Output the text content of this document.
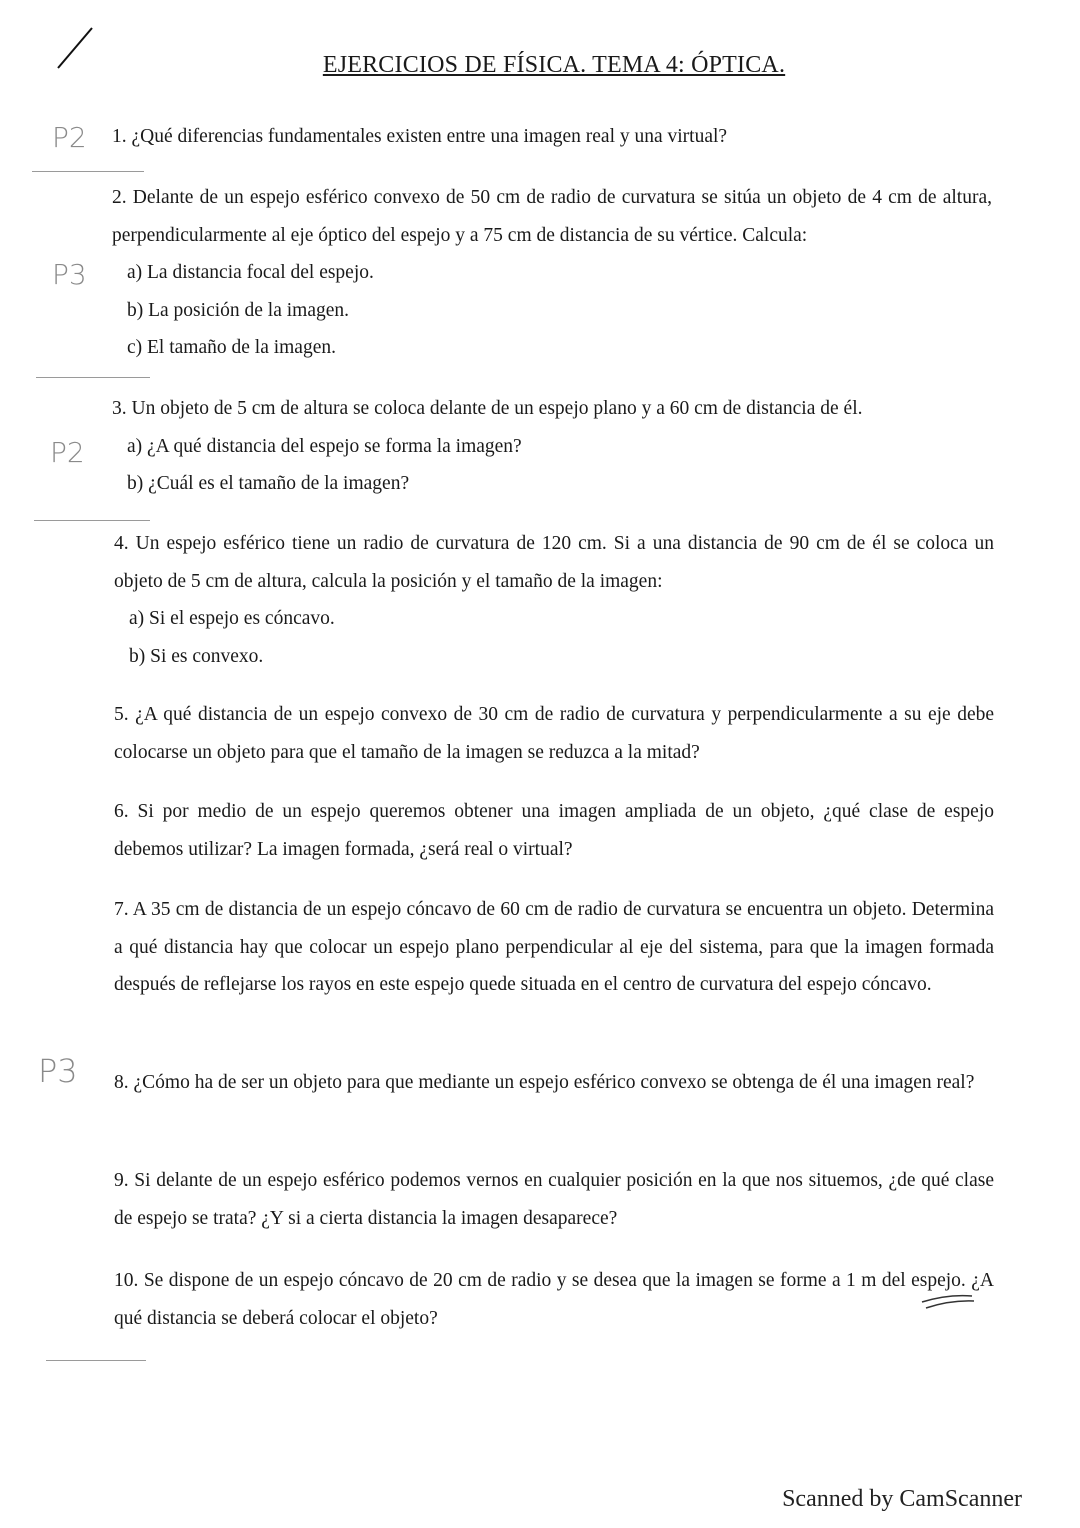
EJERCICIOS DE FÍSICA. TEMA 4: ÓPTICA.
P2
P3
P2
P3

1. ¿Qué diferencias fundamentales existen entre una imagen real y una virtual?

2. Delante de un espejo esférico convexo de 50 cm de radio de curvatura se sitúa un objeto de 4 cm de altura, perpendicularmente al eje óptico del espejo y a 75 cm de distancia de su vértice. Calcula:

a) La distancia focal del espejo.

b) La posición de la imagen.

c) El tamaño de la imagen.

3. Un objeto de 5 cm de altura se coloca delante de un espejo plano y a 60 cm de distancia de él.

a) ¿A qué distancia del espejo se forma la imagen?

b) ¿Cuál es el tamaño de la imagen?

4. Un espejo esférico tiene un radio de curvatura de 120 cm. Si a una distancia de 90 cm de él se coloca un objeto de 5 cm de altura, calcula la posición y el tamaño de la imagen:

a) Si el espejo es cóncavo.

b) Si es convexo.

5. ¿A qué distancia de un espejo convexo de 30 cm de radio de curvatura y perpendicularmente a su eje debe colocarse un objeto para que el tamaño de la imagen se reduzca a la mitad?

6. Si por medio de un espejo queremos obtener una imagen ampliada de un objeto, ¿qué clase de espejo debemos utilizar? La imagen formada, ¿será real o virtual?

7. A 35 cm de distancia de un espejo cóncavo de 60 cm de radio de curvatura se encuentra un objeto. Determina a qué distancia hay que colocar un espejo plano perpendicular al eje del sistema, para que la imagen formada después de reflejarse los rayos en este espejo quede situada en el centro de curvatura del espejo cóncavo.

8. ¿Cómo ha de ser un objeto para que mediante un espejo esférico convexo se obtenga de él una imagen real?

9. Si delante de un espejo esférico podemos vernos en cualquier posición en la que nos situemos, ¿de qué clase de espejo se trata? ¿Y si a cierta distancia la imagen desaparece?

10. Se dispone de un espejo cóncavo de 20 cm de radio y se desea que la imagen se forme a 1 m del espejo. ¿A qué distancia se deberá colocar el objeto?

Scanned by CamScanner
